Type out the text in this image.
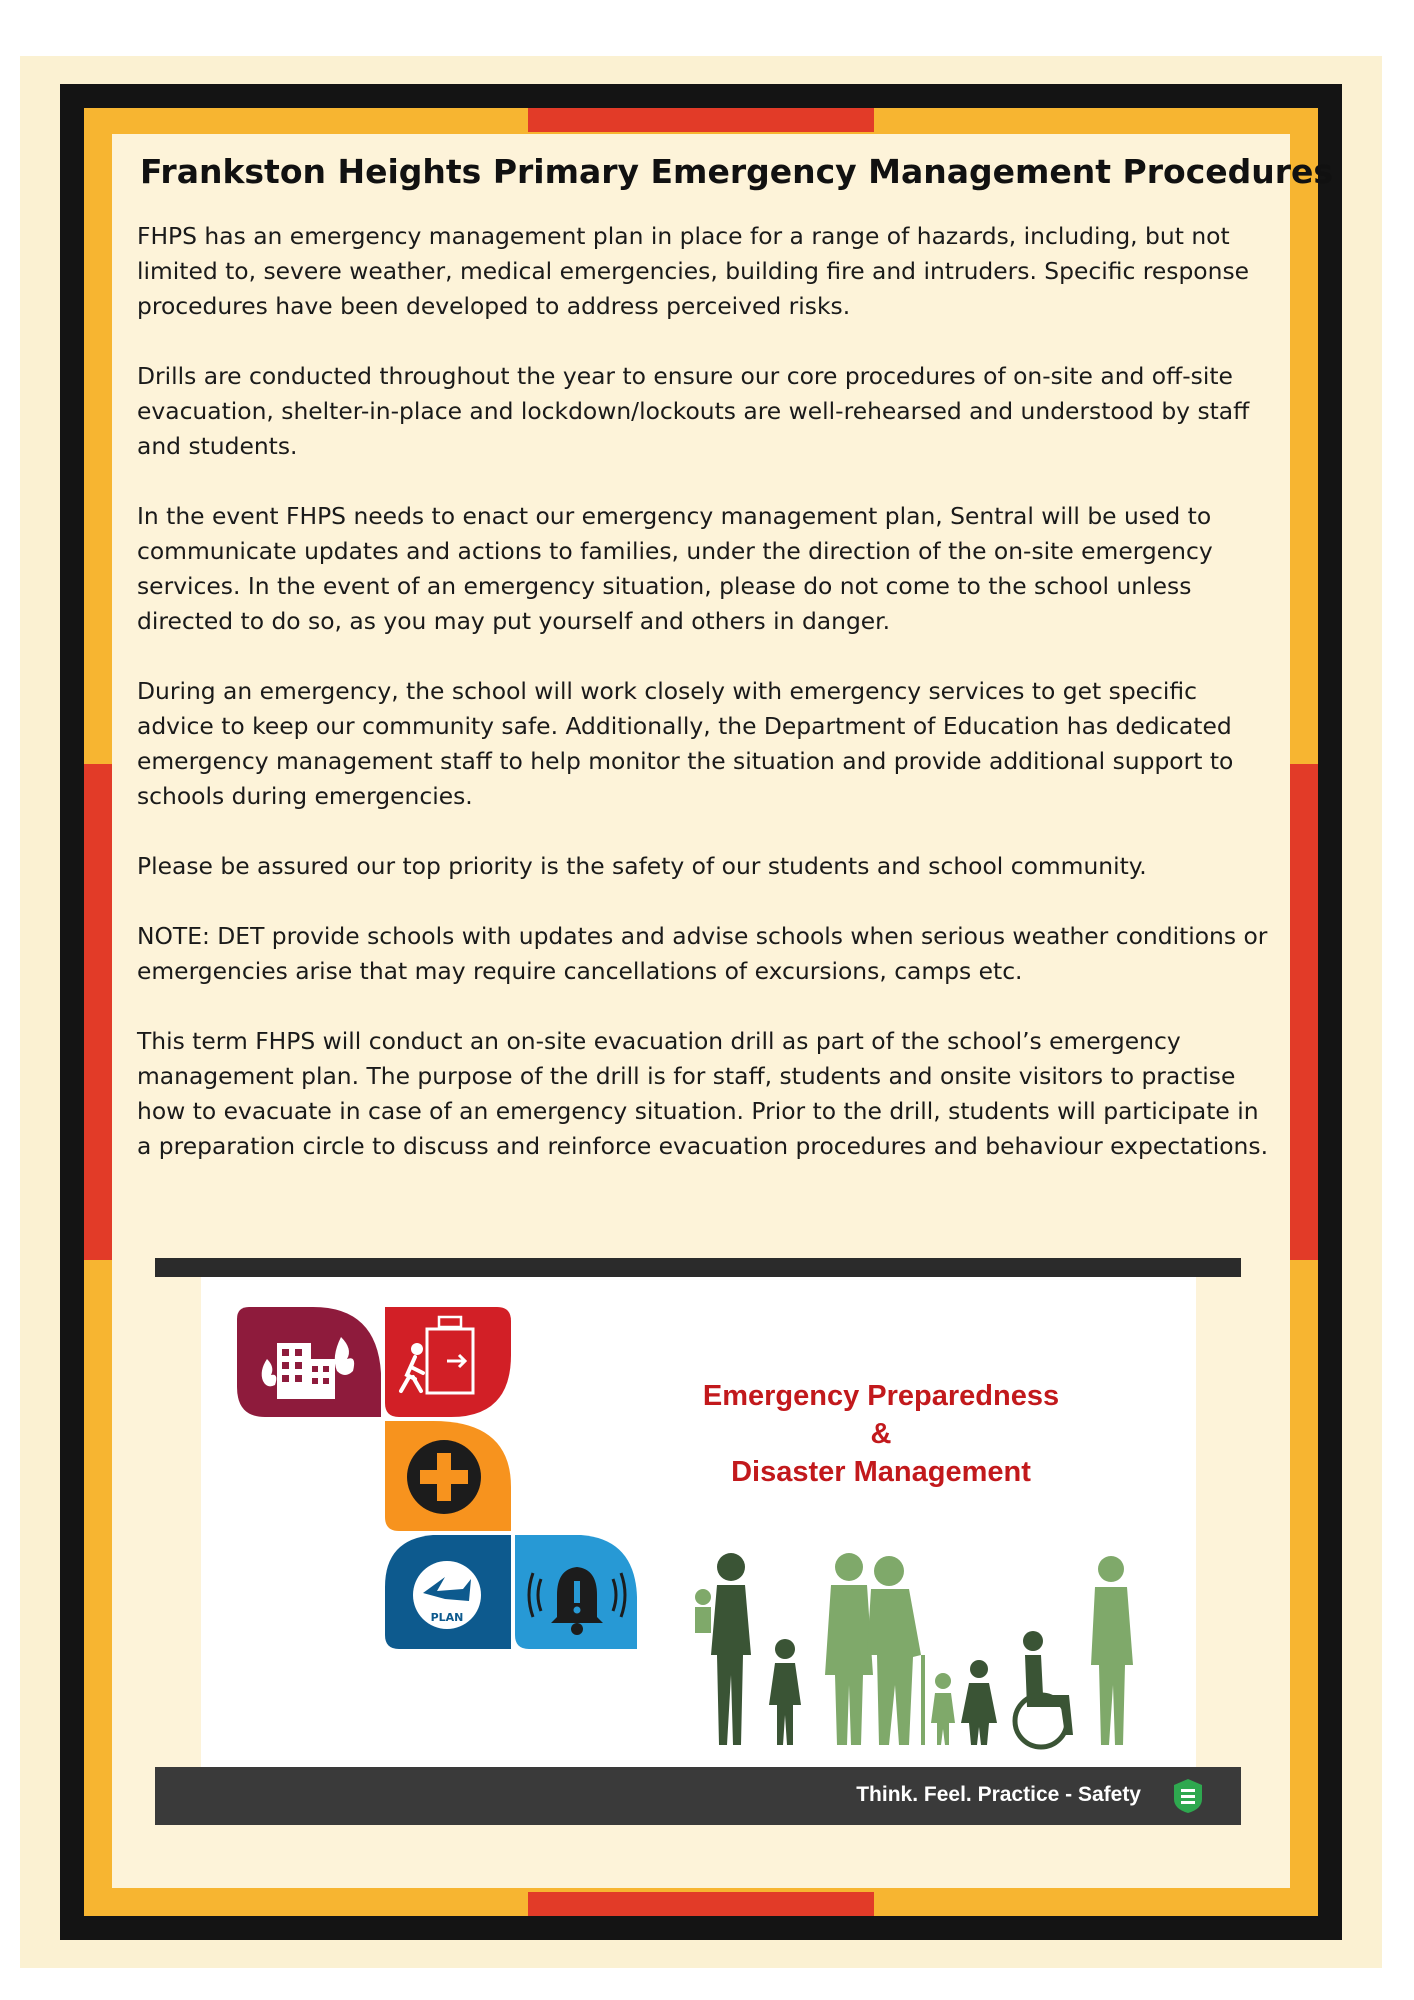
Frankston Heights Primary Emergency Management Procedures

FHPS has an emergency management plan in place for a range of hazards, including, but not limited to, severe weather, medical emergencies, building fire and intruders. Specific response procedures have been developed to address perceived risks.

Drills are conducted throughout the year to ensure our core procedures of on-site and off-site evacuation, shelter-in-place and lockdown/lockouts are well-rehearsed and understood by staff and students.

In the event FHPS needs to enact our emergency management plan, Sentral will be used to communicate updates and actions to families, under the direction of the on-site emergency services. In the event of an emergency situation, please do not come to the school unless directed to do so, as you may put yourself and others in danger.

During an emergency, the school will work closely with emergency services to get specific advice to keep our community safe. Additionally, the Department of Education has dedicated emergency management staff to help monitor the situation and provide additional support to schools during emergencies.

Please be assured our top priority is the safety of our students and school community.

NOTE: DET provide schools with updates and advise schools when serious weather conditions or emergencies arise that may require cancellations of excursions, camps etc.

This term FHPS will conduct an on-site evacuation drill as part of the school’s emergency management plan. The purpose of the drill is for staff, students and onsite visitors to practise how to evacuate in case of an emergency situation. Prior to the drill, students will participate in a preparation circle to discuss and reinforce evacuation procedures and behaviour expectations.

PLAN
Emergency Preparedness
&
Disaster Management
Think. Feel. Practice - Safety
